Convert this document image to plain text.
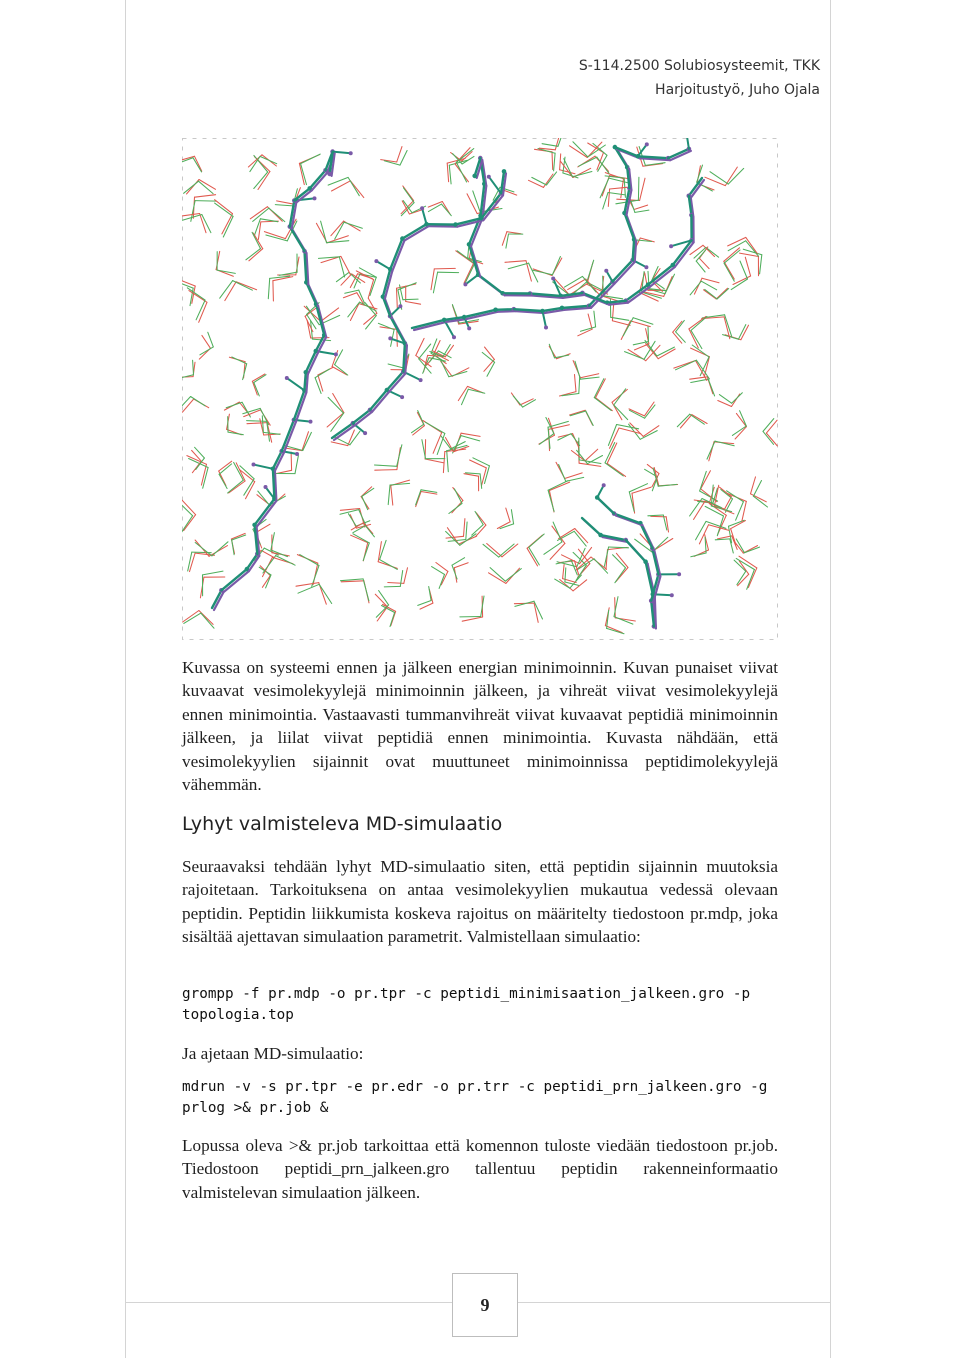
S-114.2500 Solubiosysteemit, TKK
Harjoitustyö, Juho Ojala

Kuvassa on systeemi ennen ja jälkeen energian minimoinnin. Kuvan punaiset viivat kuvaavat vesimolekyylejä minimoinnin jälkeen, ja vihreät viivat vesimolekyylejä ennen minimointia. Vastaavasti tummanvihreät viivat kuvaavat peptidiä minimoinnin jälkeen, ja liilat viivat peptidiä ennen minimointia. Kuvasta nähdään, että vesimolekyylien sijainnit ovat muuttuneet minimoinnissa peptidimolekyylejä vähemmän.

Lyhyt valmisteleva MD-simulaatio

Seuraavaksi tehdään lyhyt MD-simulaatio siten, että peptidin sijainnin muutoksia rajoitetaan. Tarkoituksena on antaa vesimolekyylien mukautua vedessä olevaan peptidin. Peptidin liikkumista koskeva rajoitus on määritelty tiedostoon pr.mdp, joka sisältää ajettavan simulaation parametrit. Valmistellaan simulaatio:

grompp -f pr.mdp -o pr.tpr -c peptidi_minimisaation_jalkeen.gro -p topologia.top

Ja ajetaan MD-simulaatio:

mdrun -v -s pr.tpr -e pr.edr -o pr.trr -c peptidi_prn_jalkeen.gro -g prlog >& pr.job &

Lopussa oleva >& pr.job tarkoittaa että komennon tuloste viedään tiedostoon pr.job. Tiedostoon peptidi_prn_jalkeen.gro tallentuu peptidin rakenneinformaatio valmistelevan simulaation jälkeen.

9
